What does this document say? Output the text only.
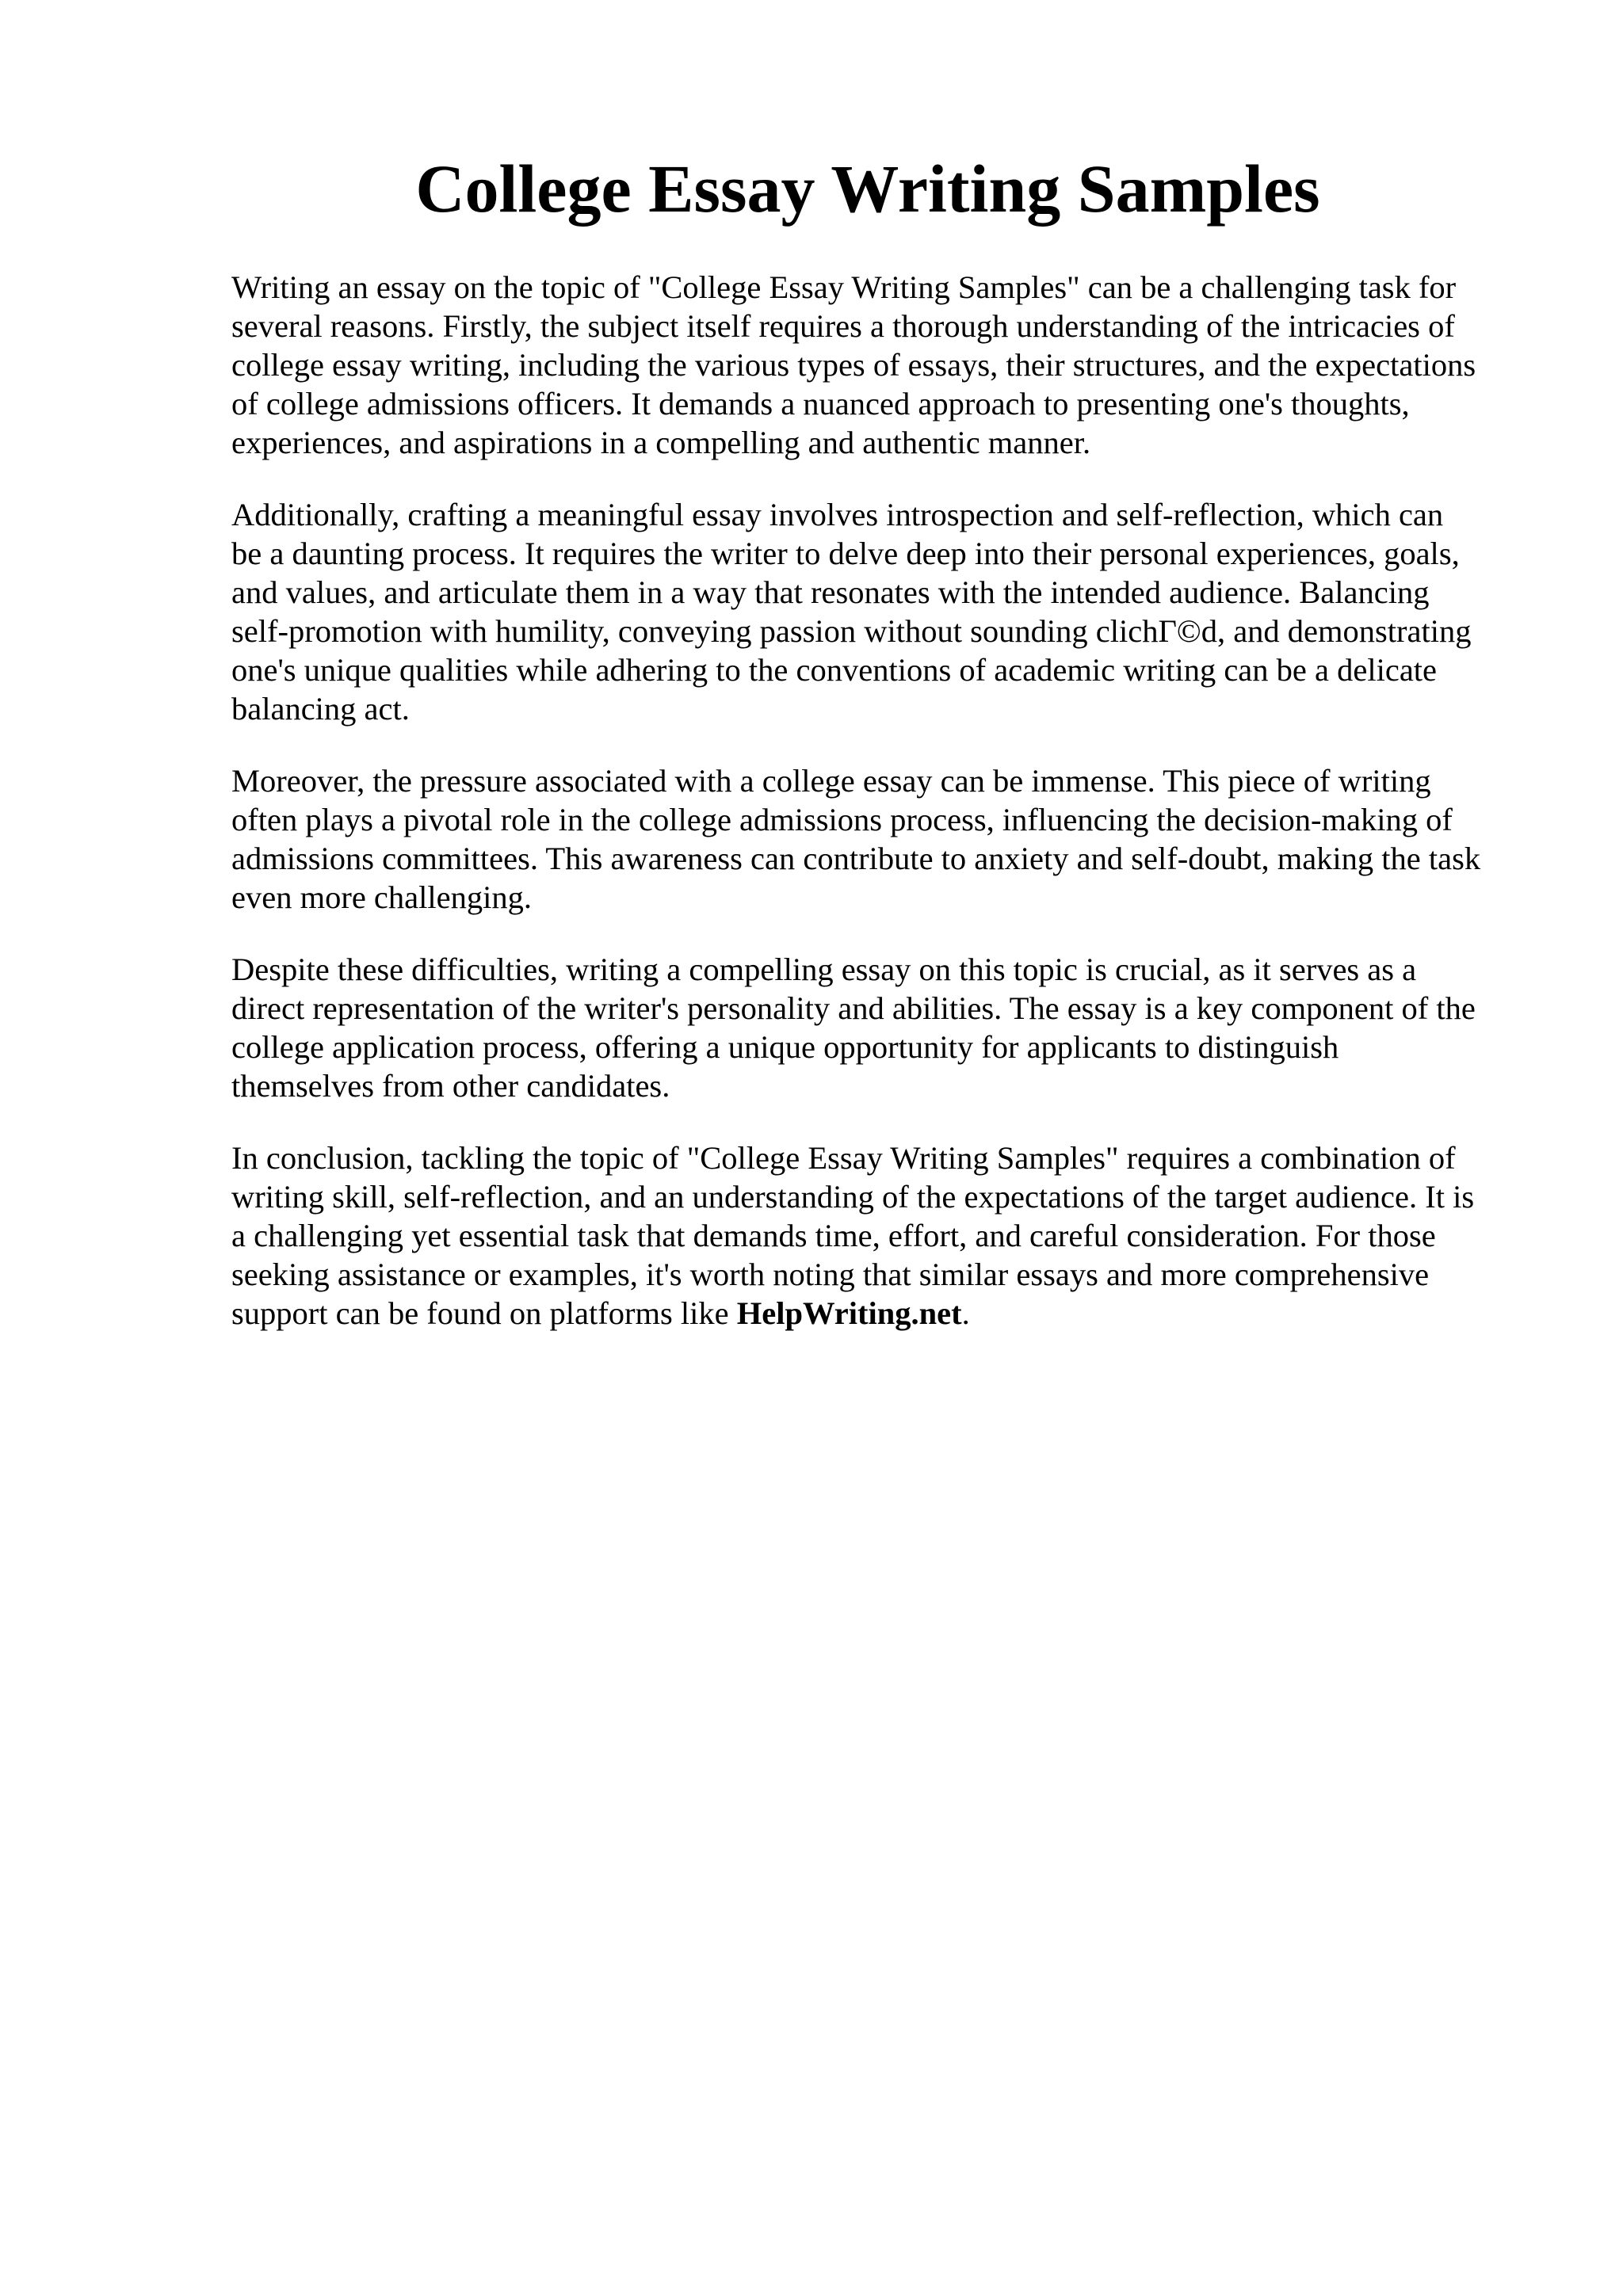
College Essay Writing Samples

Writing an essay on the topic of "College Essay Writing Samples" can be a challenging task for
several reasons. Firstly, the subject itself requires a thorough understanding of the intricacies of
college essay writing, including the various types of essays, their structures, and the expectations
of college admissions officers. It demands a nuanced approach to presenting one's thoughts,
experiences, and aspirations in a compelling and authentic manner.

Additionally, crafting a meaningful essay involves introspection and self-reflection, which can
be a daunting process. It requires the writer to delve deep into their personal experiences, goals,
and values, and articulate them in a way that resonates with the intended audience. Balancing
self-promotion with humility, conveying passion without sounding clichΓ©d, and demonstrating
one's unique qualities while adhering to the conventions of academic writing can be a delicate
balancing act.

Moreover, the pressure associated with a college essay can be immense. This piece of writing
often plays a pivotal role in the college admissions process, influencing the decision-making of
admissions committees. This awareness can contribute to anxiety and self-doubt, making the task
even more challenging.

Despite these difficulties, writing a compelling essay on this topic is crucial, as it serves as a
direct representation of the writer's personality and abilities. The essay is a key component of the
college application process, offering a unique opportunity for applicants to distinguish
themselves from other candidates.

In conclusion, tackling the topic of "College Essay Writing Samples" requires a combination of
writing skill, self-reflection, and an understanding of the expectations of the target audience. It is
a challenging yet essential task that demands time, effort, and careful consideration. For those
seeking assistance or examples, it's worth noting that similar essays and more comprehensive
support can be found on platforms like HelpWriting.net.
